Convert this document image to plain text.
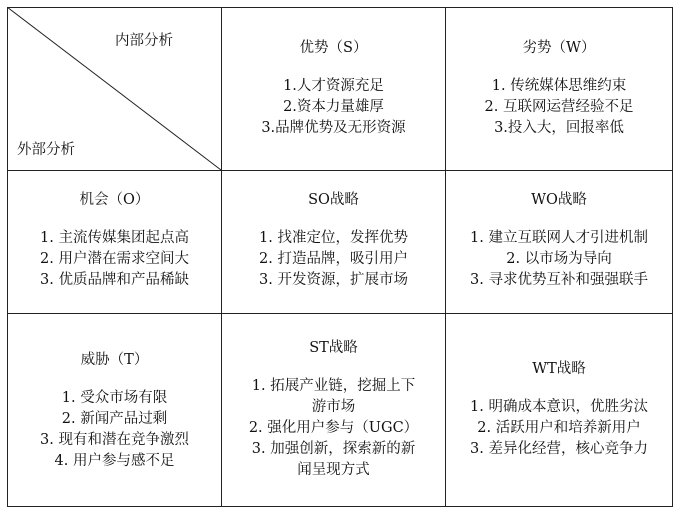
内部分析
外部分析
优势（S）
1.人才资源充足
2.资本力量雄厚
3.品牌优势及无形资源
劣势（W）
1. 传统媒体思维约束
2. 互联网运营经验不足
3.投入大，回报率低
机会（O）
1. 主流传媒集团起点高
2. 用户潜在需求空间大
3. 优质品牌和产品稀缺
SO战略
1. 找准定位，发挥优势
2. 打造品牌，吸引用户
3. 开发资源，扩展市场
WO战略
1. 建立互联网人才引进机制
2. 以市场为导向
3. 寻求优势互补和强强联手
威胁（T）
1. 受众市场有限
2. 新闻产品过剩
3. 现有和潜在竞争激烈
4. 用户参与感不足
ST战略
1. 拓展产业链，挖掘上下
游市场
2. 强化用户参与（UGC）
3. 加强创新，探索新的新
闻呈现方式
WT战略
1. 明确成本意识，优胜劣汰
2. 活跃用户和培养新用户
3. 差异化经营，核心竞争力
